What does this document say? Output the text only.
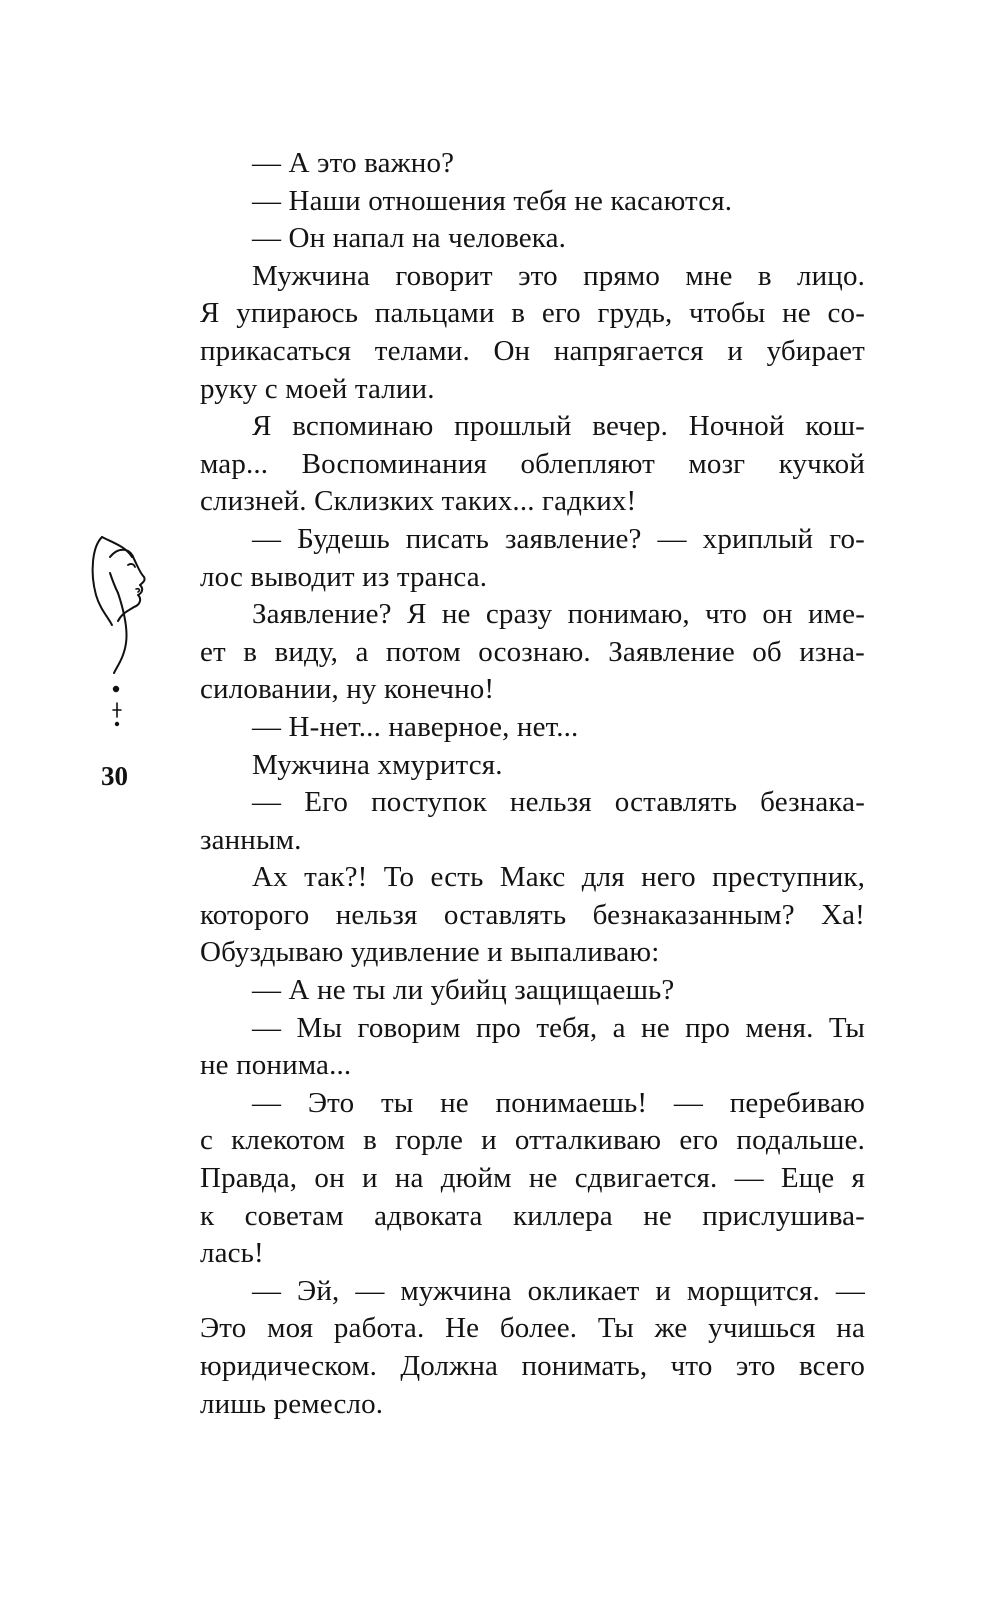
30
— А это важно?
— Наши отношения тебя не касаются.
— Он напал на человека.
Мужчина говорит это прямо мне в лицо.
Я упираюсь пальцами в его грудь, чтобы не со-
прикасаться телами. Он напрягается и убирает
руку с моей талии.
Я вспоминаю прошлый вечер. Ночной кош-
мар... Воспоминания облепляют мозг кучкой
слизней. Склизких таких... гадких!
— Будешь писать заявление? — хриплый го-
лос выводит из транса.
Заявление? Я не сразу понимаю, что он име-
ет в виду, а потом осознаю. Заявление об изна-
силовании, ну конечно!
— Н-нет... наверное, нет...
Мужчина хмурится.
— Его поступок нельзя оставлять безнака-
занным.
Ах так?! То есть Макс для него преступник,
которого нельзя оставлять безнаказанным? Ха!
Обуздываю удивление и выпаливаю:
— А не ты ли убийц защищаешь?
— Мы говорим про тебя, а не про меня. Ты
не понима...
— Это ты не понимаешь! — перебиваю
с клекотом в горле и отталкиваю его подальше.
Правда, он и на дюйм не сдвигается. — Еще я
к советам адвоката киллера не прислушива-
лась!
— Эй, — мужчина окликает и морщится. —
Это моя работа. Не более. Ты же учишься на
юридическом. Должна понимать, что это всего
лишь ремесло.
